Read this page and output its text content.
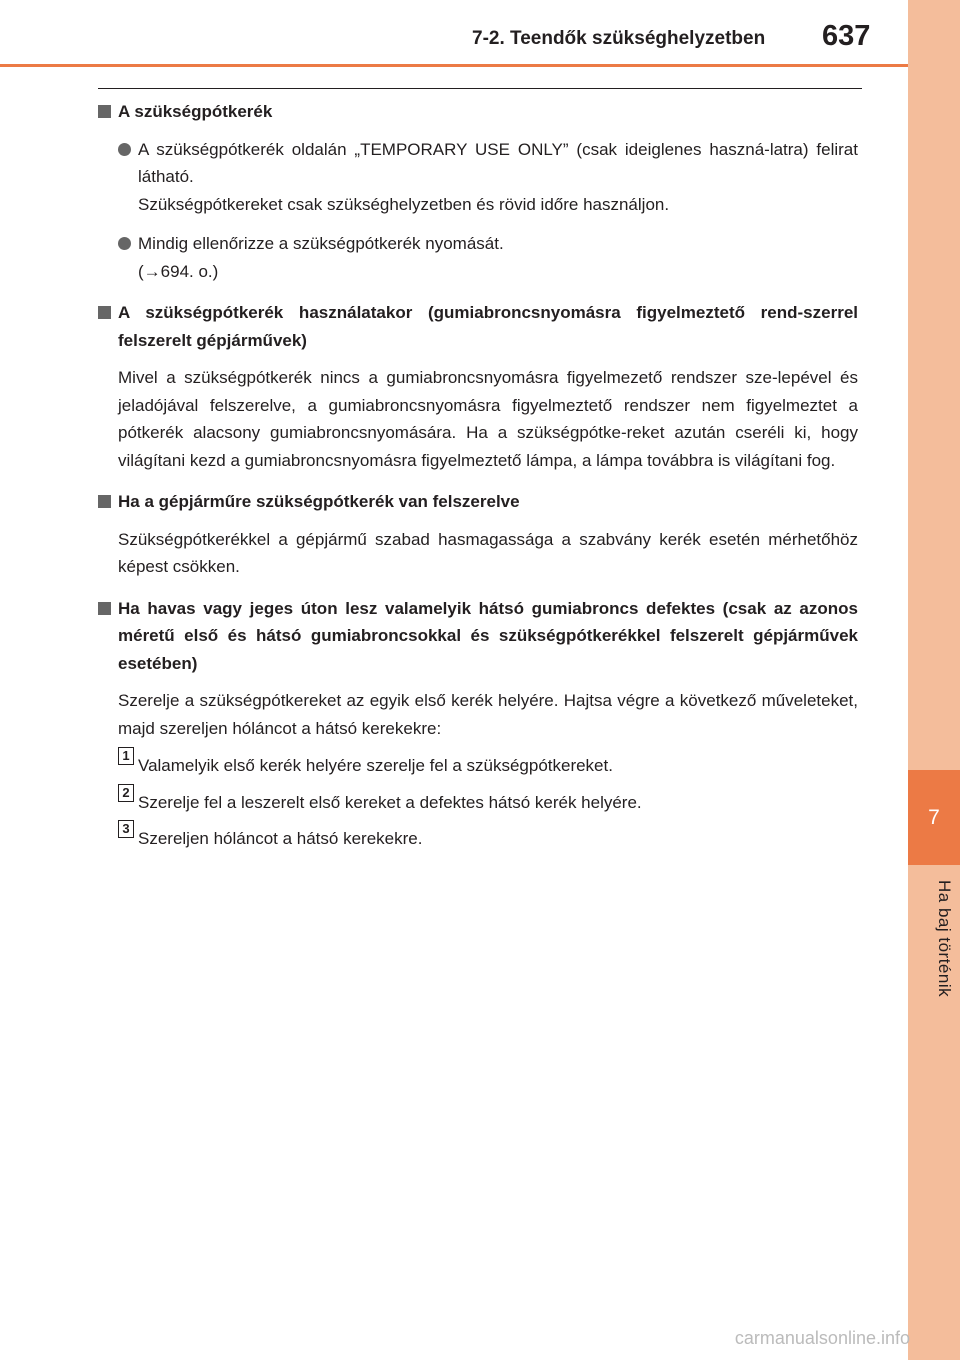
7
Ha baj történik
7-2. Teendők szükséghelyzetben	637
A szükségpótkerék
A szükségpótkerék oldalán „TEMPORARY USE ONLY” (csak ideiglenes haszná-latra) felirat látható.
Szükségpótkereket csak szükséghelyzetben és rövid időre használjon.
Mindig ellenőrizze a szükségpótkerék nyomását.
(→694. o.)
A szükségpótkerék használatakor (gumiabroncsnyomásra figyelmeztető rend-szerrel felszerelt gépjárművek)
Mivel a szükségpótkerék nincs a gumiabroncsnyomásra figyelmezető rendszer sze-lepével és jeladójával felszerelve, a gumiabroncsnyomásra figyelmeztető rendszer nem figyelmeztet a pótkerék alacsony gumiabroncsnyomására. Ha a szükségpótke-reket azután cseréli ki, hogy világítani kezd a gumiabroncsnyomásra figyelmeztető lámpa, a lámpa továbbra is világítani fog.
Ha a gépjárműre szükségpótkerék van felszerelve
Szükségpótkerékkel a gépjármű szabad hasmagassága a szabvány kerék esetén mérhetőhöz képest csökken.
Ha havas vagy jeges úton lesz valamelyik hátsó gumiabroncs defektes (csak az azonos méretű első és hátsó gumiabroncsokkal és szükségpótkerékkel felszerelt gépjárművek esetében)
Szerelje a szükségpótkereket az egyik első kerék helyére. Hajtsa végre a következő műveleteket, majd szereljen hóláncot a hátsó kerekekre:
1
Valamelyik első kerék helyére szerelje fel a szükségpótkereket.
2
Szerelje fel a leszerelt első kereket a defektes hátsó kerék helyére.
3
Szereljen hóláncot a hátsó kerekekre.
carmanualsonline.info
